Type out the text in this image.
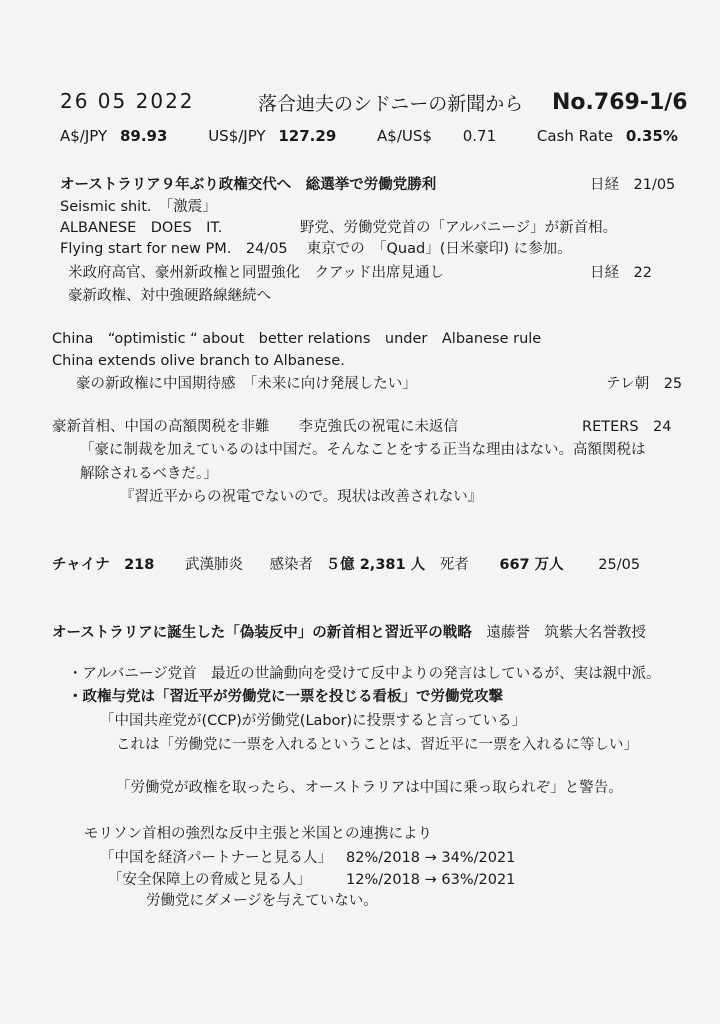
26 05 2022	落合迪夫のシドニーの新聞から No.769-1/6
A$/JPY 89.93	US$/JPY 127.29	A$/US$ 0.71	Cash Rate 0.35%
オーストラリア９年ぶり政権交代へ　総選挙で労働党勝利	日経　21/05
Seismic shit.　「激震」
ALBANESE　DOES　IT.	野党、労働党党首の「アルバニージ」が新首相。
Flying start for new PM.　24/05　 東京での　「Quad」(日米豪印) に参加。
米政府高官、豪州新政権と同盟強化　クアッド出席見通し	日経　22
豪新政権、対中強硬路線継続へ
China　“optimistic “ about　better relations　under　Albanese rule
China extends olive branch to Albanese.
豪の新政権に中国期待感　「未来に向け発展したい」	テレ朝　25
豪新首相、中国の高額関税を非難　　李克強氏の祝電に未返信	RETERS　24
「豪に制裁を加えているのは中国だ。そんなことをする正当な理由はない。高額関税は
解除されるべきだ。」
『習近平からの祝電でないので。現状は改善されない』
チャイナ　218 武漢肺炎 感染者 ５億 2,381 人 死者 667 万人 25/05
オーストラリアに誕生した「偽装反中」の新首相と習近平の戦略 遠藤誉　筑紫大名誉教授
・アルバニージ党首　最近の世論動向を受けて反中よりの発言はしているが、実は親中派。
・政権与党は「習近平が労働党に一票を投じる看板」で労働党攻撃
「中国共産党が(CCP)が労働党(Labor)に投票すると言っている」
これは「労働党に一票を入れるということは、習近平に一票を入れるに等しい」
「労働党が政権を取ったら、オーストラリアは中国に乗っ取られぞ」と警告。
モリソン首相の強烈な反中主張と米国との連携により
「中国を経済パートナーと見る人」 82%/2018 → 34%/2021
「安全保障上の脅威と見る人」 12%/2018 → 63%/2021
労働党にダメージを与えていない。
